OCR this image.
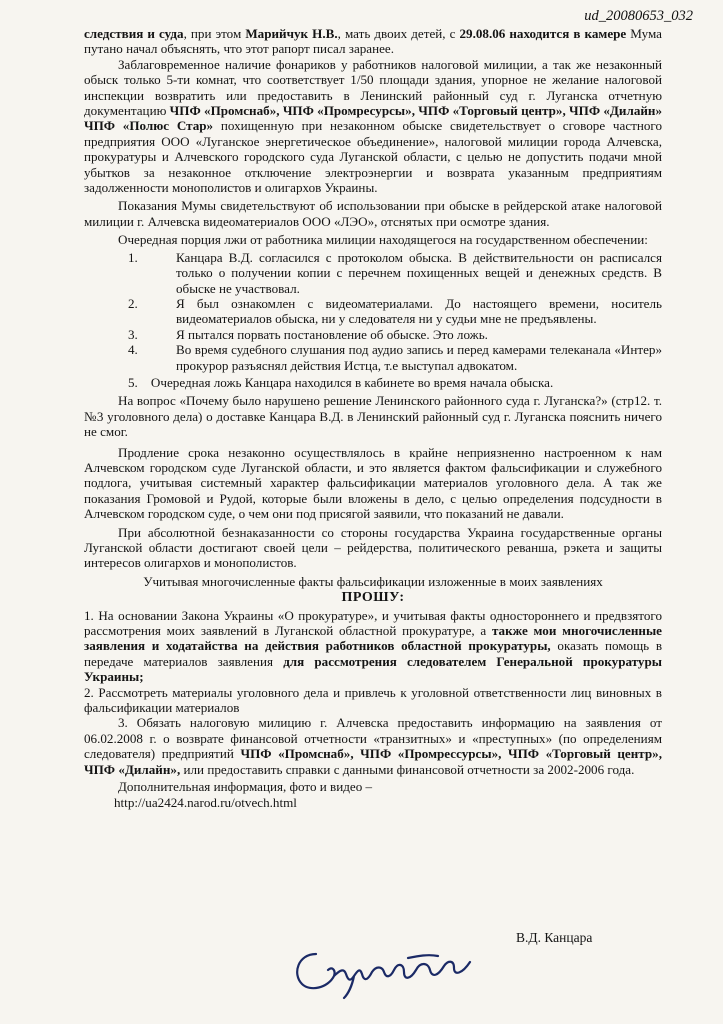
ud_20080653_032

следствия и суда, при этом Марийчук Н.В., мать двоих детей, с 29.08.06 находится в камере Мума путано начал объяснять, что этот рапорт писал заранее.

Заблаговременное наличие фонариков у работников налоговой милиции, а так же незаконный обыск только 5-ти комнат, что соответствует 1/50 площади здания, упорное не желание налоговой инспекции возвратить или предоставить в Ленинский районный суд г. Луганска отчетную документацию ЧПФ «Промснаб», ЧПФ «Промресурсы», ЧПФ «Торговый центр», ЧПФ «Дилайн» ЧПФ «Полюс Стар» похищенную при незаконном обыске свидетельствует о сговоре частного предприятия ООО «Луганское энергетическое объединение», налоговой милиции города Алчевска, прокуратуры и Алчевского городского суда Луганской области, с целью не допустить подачи мной убытков за незаконное отключение электроэнергии и возврата указанным предприятиям задолженности монополистов и олигархов Украины.

Показания Мумы свидетельствуют об использовании при обыске в рейдерской атаке налоговой милиции г. Алчевска видеоматериалов ООО «ЛЭО», отснятых при осмотре здания.

Очередная порция лжи от работника милиции находящегося на государственном обеспечении:

1.	Канцара В.Д. согласился с протоколом обыска. В действительности он расписался только о получении копии с перечнем похищенных вещей и денежных средств. В обыске не участвовал.
2.	Я был ознакомлен с видеоматериалами. До настоящего времени, носитель видеоматериалов обыска, ни у следователя ни у судьи мне не предъявлены.
3.	Я пытался порвать постановление об обыске. Это ложь.
4.	Во время судебного слушания под аудио запись и перед камерами телеканала «Интер» прокурор разъяснял действия Истца, т.е выступал адвокатом.

5. Очередная ложь Канцара находился в кабинете во время начала обыска.

На вопрос «Почему было нарушено решение Ленинского районного суда г. Луганска?» (стр12. т.№3 уголовного дела) о доставке Канцара В.Д. в Ленинский районный суд г. Луганска пояснить ничего не смог.

Продление срока незаконно осуществлялось в крайне неприязненно настроенном к нам Алчевском городском суде Луганской области, и это является фактом фальсификации и служебного подлога, учитывая системный характер фальсификации материалов уголовного дела. А так же показания Громовой и Рудой, которые были вложены в дело, с целью определения подсудности в Алчевском городском суде, о чем они под присягой заявили, что показаний не давали.

При абсолютной безнаказанности со стороны государства Украина государственные органы Луганской области достигают своей цели – рейдерства, политического реванша, рэкета и защиты интересов олигархов и монополистов.

Учитывая многочисленные факты фальсификации изложенные в моих заявлениях

ПРОШУ:

1. На основании Закона Украины «О прокуратуре», и учитывая факты одностороннего и предвзятого рассмотрения моих заявлений в Луганской областной прокуратуре, а также мои многочисленные заявления и ходатайства на действия работников областной прокуратуры, оказать помощь в передаче материалов заявления для рассмотрения следователем Генеральной прокуратуры Украины;

2. Рассмотреть материалы уголовного дела и привлечь к уголовной ответственности лиц виновных в фальсификации материалов

3. Обязать налоговую милицию г. Алчевска предоставить информацию на заявления от 06.02.2008 г. о возврате финансовой отчетности «транзитных» и «преступных» (по определениям следователя) предприятий ЧПФ «Промснаб», ЧПФ «Промрессурсы», ЧПФ «Торговый центр», ЧПФ «Дилайн», или предоставить справки с данными финансовой отчетности за 2002-2006 года.

Дополнительная информация, фото и видео –

http://ua2424.narod.ru/otvech.html

В.Д. Канцара
